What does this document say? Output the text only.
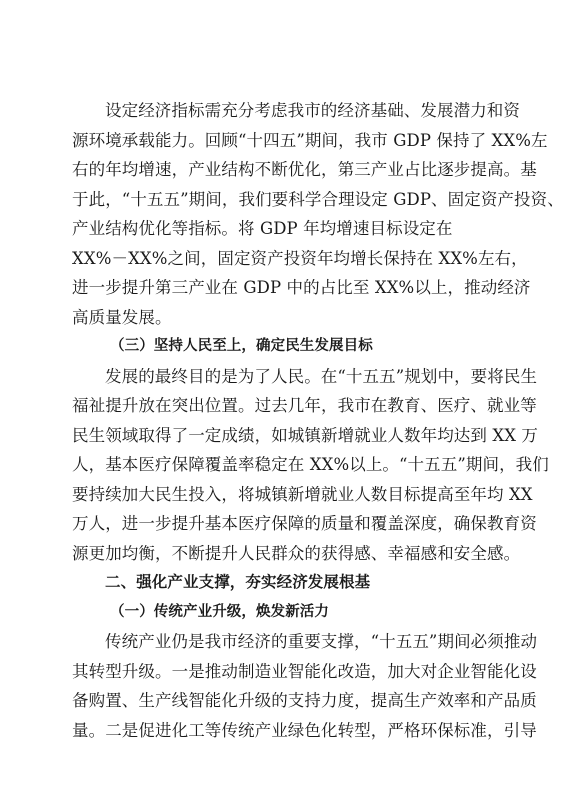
设定经济指标需充分考虑我市的经济基础、发展潜力和资
源环境承载能力。回顾“十四五”期间，我市 GDP 保持了 XX%左
右的年均增速，产业结构不断优化，第三产业占比逐步提高。基
于此，“十五五”期间，我们要科学合理设定 GDP、固定资产投资、
产业结构优化等指标。将 GDP 年均增速目标设定在
XX%－XX%之间，固定资产投资年均增长保持在 XX%左右，
进一步提升第三产业在 GDP 中的占比至 XX%以上，推动经济
高质量发展。
（三）坚持人民至上，确定民生发展目标
发展的最终目的是为了人民。在“十五五”规划中，要将民生
福祉提升放在突出位置。过去几年，我市在教育、医疗、就业等
民生领域取得了一定成绩，如城镇新增就业人数年均达到 XX 万
人，基本医疗保障覆盖率稳定在 XX%以上。“十五五”期间，我们
要持续加大民生投入，将城镇新增就业人数目标提高至年均 XX
万人，进一步提升基本医疗保障的质量和覆盖深度，确保教育资
源更加均衡，不断提升人民群众的获得感、幸福感和安全感。
二、强化产业支撑，夯实经济发展根基
（一）传统产业升级，焕发新活力
传统产业仍是我市经济的重要支撑，“十五五”期间必须推动
其转型升级。一是推动制造业智能化改造，加大对企业智能化设
备购置、生产线智能化升级的支持力度，提高生产效率和产品质
量。二是促进化工等传统产业绿色化转型，严格环保标准，引导
